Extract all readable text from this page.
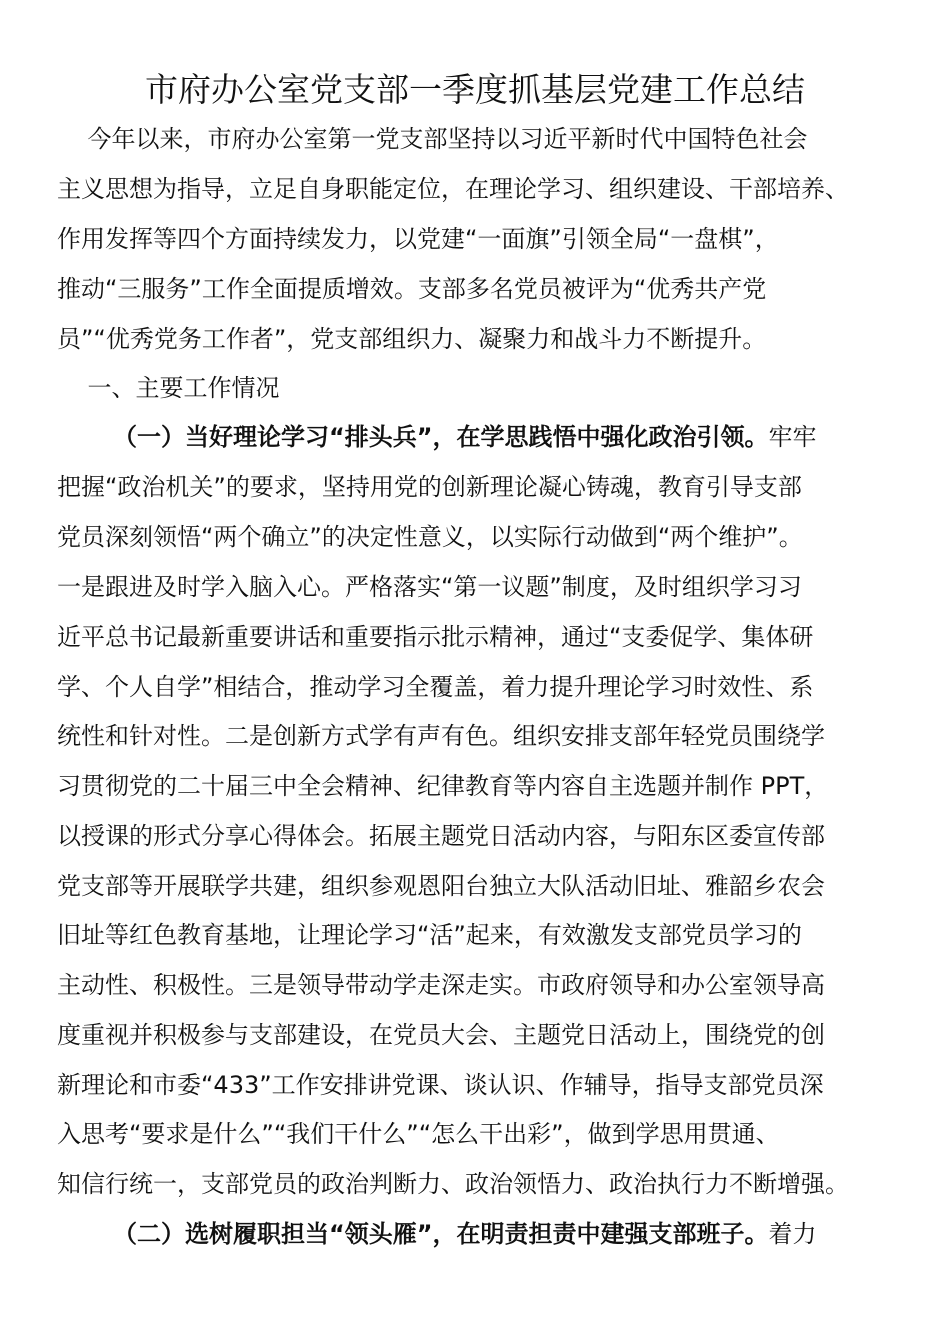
市府办公室党支部一季度抓基层党建工作总结

今年以来，市府办公室第一党支部坚持以习近平新时代中国特色社会

主义思想为指导，立足自身职能定位，在理论学习、组织建设、干部培养、

作用发挥等四个方面持续发力，以党建“一面旗”引领全局“一盘棋”，

推动“三服务”工作全面提质增效。支部多名党员被评为“优秀共产党

员”“优秀党务工作者”，党支部组织力、凝聚力和战斗力不断提升。

一、主要工作情况

（一）当好理论学习“排头兵”，在学思践悟中强化政治引领。牢牢

把握“政治机关”的要求，坚持用党的创新理论凝心铸魂，教育引导支部

党员深刻领悟“两个确立”的决定性意义，以实际行动做到“两个维护”。

一是跟进及时学入脑入心。严格落实“第一议题”制度，及时组织学习习

近平总书记最新重要讲话和重要指示批示精神，通过“支委促学、集体研

学、个人自学”相结合，推动学习全覆盖，着力提升理论学习时效性、系

统性和针对性。二是创新方式学有声有色。组织安排支部年轻党员围绕学

习贯彻党的二十届三中全会精神、纪律教育等内容自主选题并制作 PPT，

以授课的形式分享心得体会。拓展主题党日活动内容，与阳东区委宣传部

党支部等开展联学共建，组织参观恩阳台独立大队活动旧址、雅韶乡农会

旧址等红色教育基地，让理论学习“活”起来，有效激发支部党员学习的

主动性、积极性。三是领导带动学走深走实。市政府领导和办公室领导高

度重视并积极参与支部建设，在党员大会、主题党日活动上，围绕党的创

新理论和市委“433”工作安排讲党课、谈认识、作辅导，指导支部党员深

入思考“要求是什么”“我们干什么”“怎么干出彩”，做到学思用贯通、

知信行统一，支部党员的政治判断力、政治领悟力、政治执行力不断增强。

（二）选树履职担当“领头雁”，在明责担责中建强支部班子。着力
